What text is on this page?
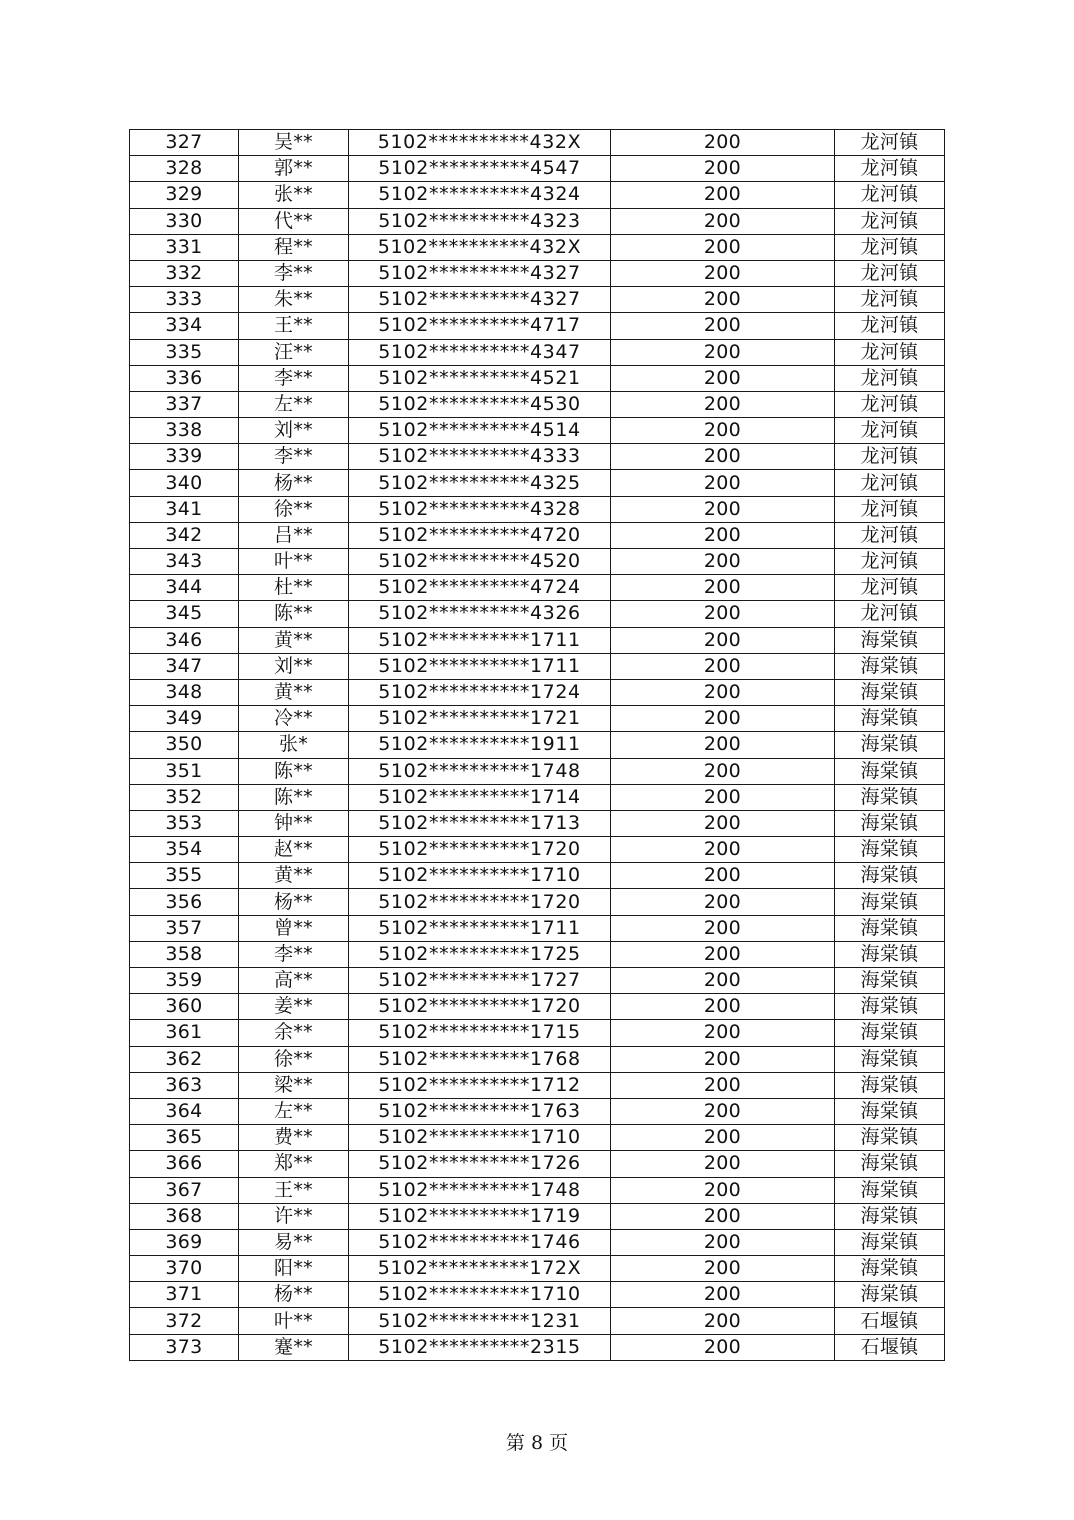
327	吴**	5102**********432X	200	龙河镇
328	郭**	5102**********4547	200	龙河镇
329	张**	5102**********4324	200	龙河镇
330	代**	5102**********4323	200	龙河镇
331	程**	5102**********432X	200	龙河镇
332	李**	5102**********4327	200	龙河镇
333	朱**	5102**********4327	200	龙河镇
334	王**	5102**********4717	200	龙河镇
335	汪**	5102**********4347	200	龙河镇
336	李**	5102**********4521	200	龙河镇
337	左**	5102**********4530	200	龙河镇
338	刘**	5102**********4514	200	龙河镇
339	李**	5102**********4333	200	龙河镇
340	杨**	5102**********4325	200	龙河镇
341	徐**	5102**********4328	200	龙河镇
342	吕**	5102**********4720	200	龙河镇
343	叶**	5102**********4520	200	龙河镇
344	杜**	5102**********4724	200	龙河镇
345	陈**	5102**********4326	200	龙河镇
346	黄**	5102**********1711	200	海棠镇
347	刘**	5102**********1711	200	海棠镇
348	黄**	5102**********1724	200	海棠镇
349	冷**	5102**********1721	200	海棠镇
350	张*	5102**********1911	200	海棠镇
351	陈**	5102**********1748	200	海棠镇
352	陈**	5102**********1714	200	海棠镇
353	钟**	5102**********1713	200	海棠镇
354	赵**	5102**********1720	200	海棠镇
355	黄**	5102**********1710	200	海棠镇
356	杨**	5102**********1720	200	海棠镇
357	曾**	5102**********1711	200	海棠镇
358	李**	5102**********1725	200	海棠镇
359	高**	5102**********1727	200	海棠镇
360	姜**	5102**********1720	200	海棠镇
361	余**	5102**********1715	200	海棠镇
362	徐**	5102**********1768	200	海棠镇
363	梁**	5102**********1712	200	海棠镇
364	左**	5102**********1763	200	海棠镇
365	费**	5102**********1710	200	海棠镇
366	郑**	5102**********1726	200	海棠镇
367	王**	5102**********1748	200	海棠镇
368	许**	5102**********1719	200	海棠镇
369	易**	5102**********1746	200	海棠镇
370	阳**	5102**********172X	200	海棠镇
371	杨**	5102**********1710	200	海棠镇
372	叶**	5102**********1231	200	石堰镇
373	蹇**	5102**********2315	200	石堰镇
第 8 页
